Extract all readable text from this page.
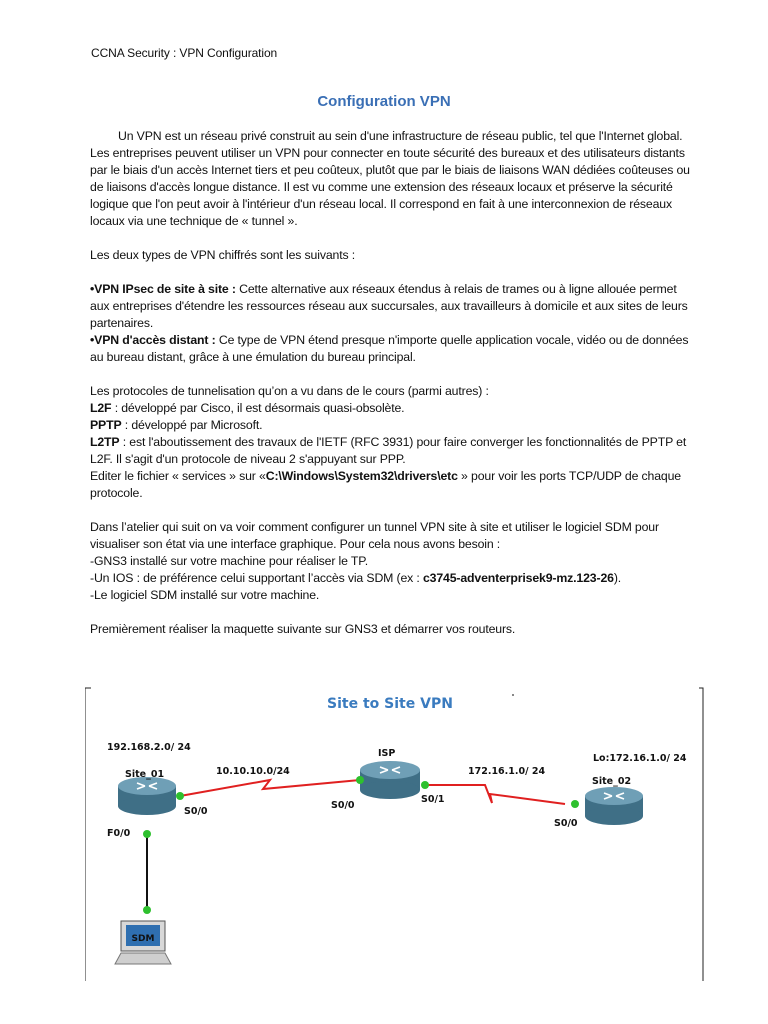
CCNA Security : VPN Configuration
Configuration VPN

Un VPN est un réseau privé construit au sein d'une infrastructure de réseau public, tel que l'Internet global. Les entreprises peuvent utiliser un VPN pour connecter en toute sécurité des bureaux et des utilisateurs distants par le biais d'un accès Internet tiers et peu coûteux, plutôt que par le biais de liaisons WAN dédiées coûteuses ou de liaisons d'accès longue distance. Il est vu comme une extension des réseaux locaux et préserve la sécurité logique que l'on peut avoir à l'intérieur d'un réseau local. Il correspond en fait à une interconnexion de réseaux locaux via une technique de « tunnel ».

Les deux types de VPN chiffrés sont les suivants :

•VPN IPsec de site à site : Cette alternative aux réseaux étendus à relais de trames ou à ligne allouée permet aux entreprises d'étendre les ressources réseau aux succursales, aux travailleurs à domicile et aux sites de leurs partenaires.

•VPN d'accès distant : Ce type de VPN étend presque n'importe quelle application vocale, vidéo ou de données au bureau distant, grâce à une émulation du bureau principal.

Les protocoles de tunnelisation qu’on a vu dans de le cours (parmi autres) :

L2F : développé par Cisco, il est désormais quasi-obsolète.

PPTP : développé par Microsoft.

L2TP : est l'aboutissement des travaux de l'IETF (RFC 3931) pour faire converger les fonctionnalités de PPTP et L2F. Il s'agit d'un protocole de niveau 2 s'appuyant sur PPP.

Editer le fichier « services » sur «C:\Windows\System32\drivers\etc » pour voir les ports TCP/UDP de chaque protocole.

Dans l’atelier qui suit on va voir comment configurer un tunnel VPN site à site et utiliser le logiciel SDM pour visualiser son état via une interface graphique. Pour cela nous avons besoin :

-GNS3 installé sur votre machine pour réaliser le TP.

-Un IOS : de préférence celui supportant l’accès via SDM (ex : c3745-adventerprisek9-mz.123-26).

-Le logiciel SDM installé sur votre machine.

Premièrement réaliser la maquette suivante sur GNS3 et démarrer vos routeurs.

Site to Site VPN
SDM
192.168.2.0/ 24
Site_01	10.10.10.0/24
ISP
172.16.1.0/ 24
Lo:172.16.1.0/ 24
Site_02
S0/0
S0/0
S0/1
S0/0
F0/0
